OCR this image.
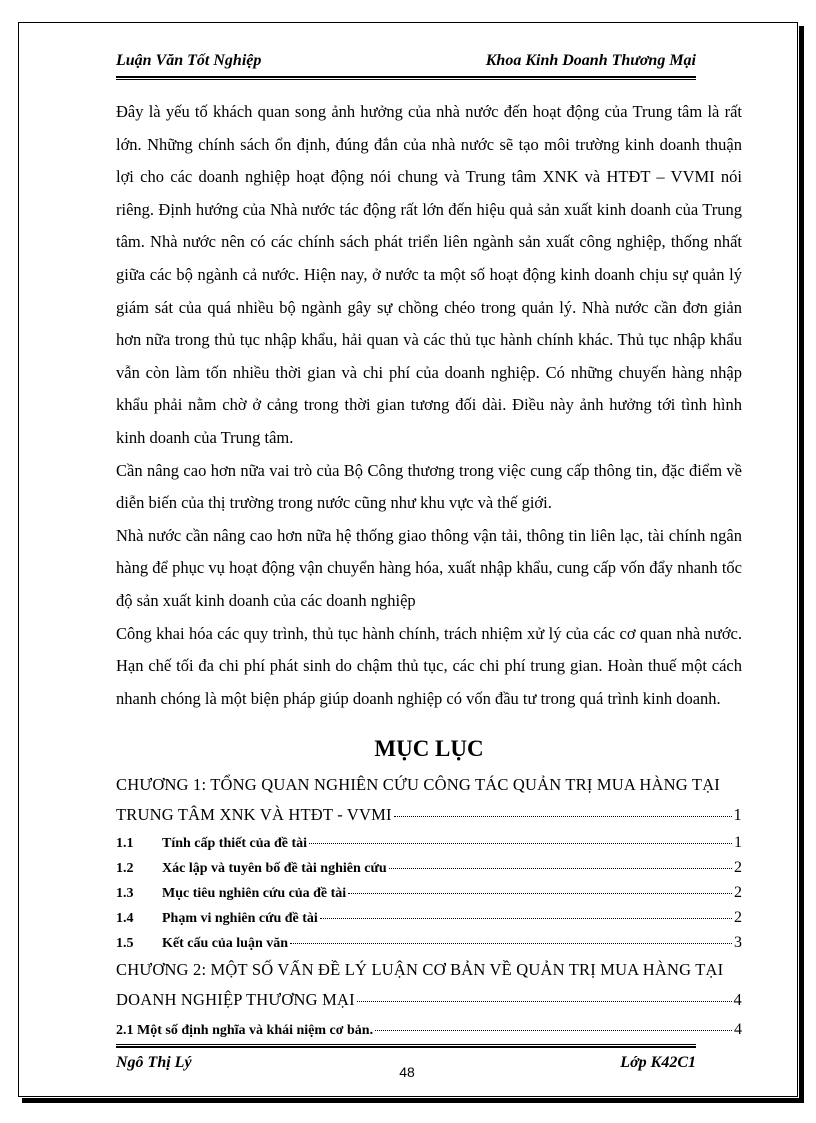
Luận Văn Tốt Nghiệp	Khoa Kinh Doanh Thương Mại

Đây là yếu tố khách quan song ảnh hưởng của nhà nước đến hoạt động của Trung tâm là rất lớn. Những chính sách ổn định, đúng đắn của nhà nước sẽ tạo môi trường kinh doanh thuận lợi cho các doanh nghiệp hoạt động nói chung và Trung tâm XNK và HTĐT – VVMI nói riêng. Định hướng của Nhà nước tác động rất lớn đến hiệu quả sản xuất kinh doanh của Trung tâm. Nhà nước nên có các chính sách phát triển liên ngành sản xuất công nghiệp, thống nhất giữa các bộ ngành cả nước. Hiện nay, ở nước ta một số hoạt động kinh doanh chịu sự quản lý giám sát của quá nhiều bộ ngành gây sự chồng chéo trong quản lý. Nhà nước cần đơn giản hơn nữa trong thủ tục nhập khẩu, hải quan và các thủ tục hành chính khác. Thủ tục nhập khẩu vẫn còn làm tốn nhiều thời gian và chi phí của doanh nghiệp. Có những chuyến hàng nhập khẩu phải nằm chờ ở cảng trong thời gian tương đối dài. Điều này ảnh hưởng tới tình hình kinh doanh của Trung tâm.

Cần nâng cao hơn nữa vai trò của Bộ Công thương trong việc cung cấp thông tin, đặc điểm về diễn biến của thị trường trong nước cũng như khu vực và thế giới.

Nhà nước cần nâng cao hơn nữa hệ thống giao thông vận tải, thông tin liên lạc, tài chính ngân hàng để phục vụ hoạt động vận chuyển hàng hóa, xuất nhập khẩu, cung cấp vốn đẩy nhanh tốc độ sản xuất kinh doanh của các doanh nghiệp

Công khai hóa các quy trình, thủ tục hành chính, trách nhiệm xử lý của các cơ quan nhà nước. Hạn chế tối đa chi phí phát sinh do chậm thủ tục, các chi phí trung gian. Hoàn thuế một cách nhanh chóng là một biện pháp giúp doanh nghiệp có vốn đầu tư trong quá trình kinh doanh.

MỤC LỤC
CHƯƠNG 1: TỔNG QUAN NGHIÊN CỨU CÔNG TÁC QUẢN TRỊ MUA HÀNG TẠI
TRUNG TÂM XNK VÀ HTĐT - VVMI	1
1.1	Tính cấp thiết của đề tài	1
1.2	Xác lập và tuyên bố đề tài nghiên cứu	2
1.3	Mục tiêu nghiên cứu của đề tài	2
1.4	Phạm vi nghiên cứu đề tài	2
1.5	Kết cấu của luận văn	3
CHƯƠNG 2: MỘT SỐ VẤN ĐỀ LÝ LUẬN CƠ BẢN VỀ QUẢN TRỊ MUA HÀNG TẠI
DOANH NGHIỆP THƯƠNG MẠI	4
2.1 Một số định nghĩa và khái niệm cơ bản.	4
Ngô Thị Lý	Lớp K42C1
48
